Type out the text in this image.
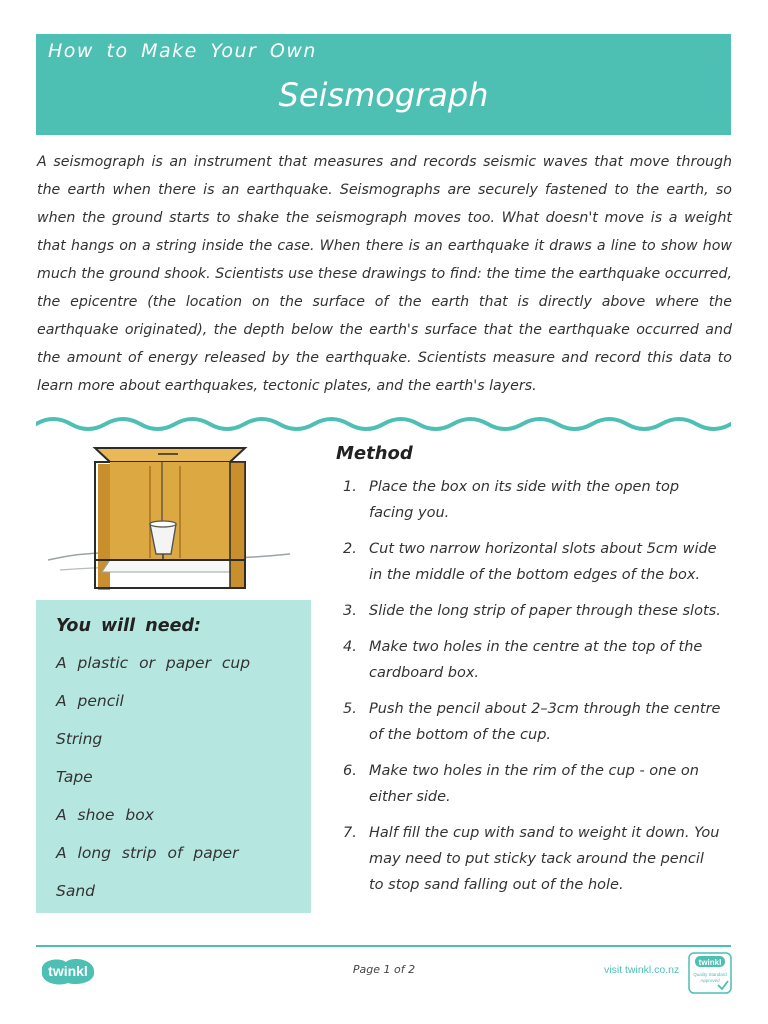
How to Make Your Own
Seismograph
A seismograph is an instrument that measures and records seismic waves that move through the earth when there is an earthquake. Seismographs are securely fastened to the earth, so when the ground starts to shake the seismograph moves too. What doesn't move is a weight that hangs on a string inside the case. When there is an earthquake it draws a line to show how much the ground shook. Scientists use these drawings to find: the time the earthquake occurred, the epicentre (the location on the surface of the earth that is directly above where the earthquake originated), the depth below the earth's surface that the earthquake occurred and the amount of energy released by the earthquake. Scientists measure and record this data to learn more about earthquakes, tectonic plates, and the earth's layers.
Method
1. Place the box on its side with the open top facing you.
2. Cut two narrow horizontal slots about 5cm wide in the middle of the bottom edges of the box.
3. Slide the long strip of paper through these slots.
4. Make two holes in the centre at the top of the cardboard box.
5. Push the pencil about 2–3cm through the centre of the bottom of the cup.
6. Make two holes in the rim of the cup - one on either side.
7. Half fill the cup with sand to weight it down. You may need to put sticky tack around the pencil to stop sand falling out of the hole.
You will need:
A plastic or paper cup
A pencil
String
Tape
A shoe box
A long strip of paper
Sand
twinkl	Page 1 of 2	visit twinkl.co.nz
twinkl
Quality Standard
Approved
